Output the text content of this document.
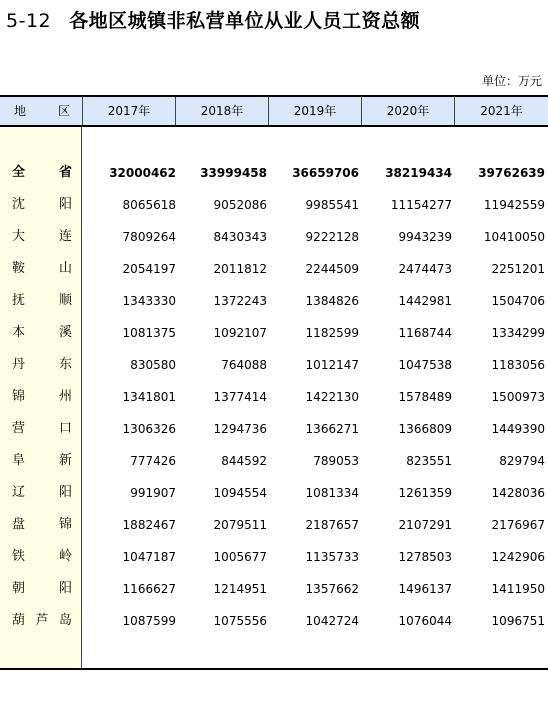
5-12 各地区城镇非私营单位从业人员工资总额
单位：万元
地	区	2017年	2018年	2019年	2020年	2021年
全	省	32000462	33999458	36659706	38219434	39762639
沈	阳	8065618	9052086	9985541	11154277	11942559
大	连	7809264	8430343	9222128	9943239	10410050
鞍	山	2054197	2011812	2244509	2474473	2251201
抚	顺	1343330	1372243	1384826	1442981	1504706
本	溪	1081375	1092107	1182599	1168744	1334299
丹	东	830580	764088	1012147	1047538	1183056
锦	州	1341801	1377414	1422130	1578489	1500973
营	口	1306326	1294736	1366271	1366809	1449390
阜	新	777426	844592	789053	823551	829794
辽	阳	991907	1094554	1081334	1261359	1428036
盘	锦	1882467	2079511	2187657	2107291	2176967
铁	岭	1047187	1005677	1135733	1278503	1242906
朝	阳	1166627	1214951	1357662	1496137	1411950
葫 芦 岛	1087599	1075556	1042724	1076044	1096751
